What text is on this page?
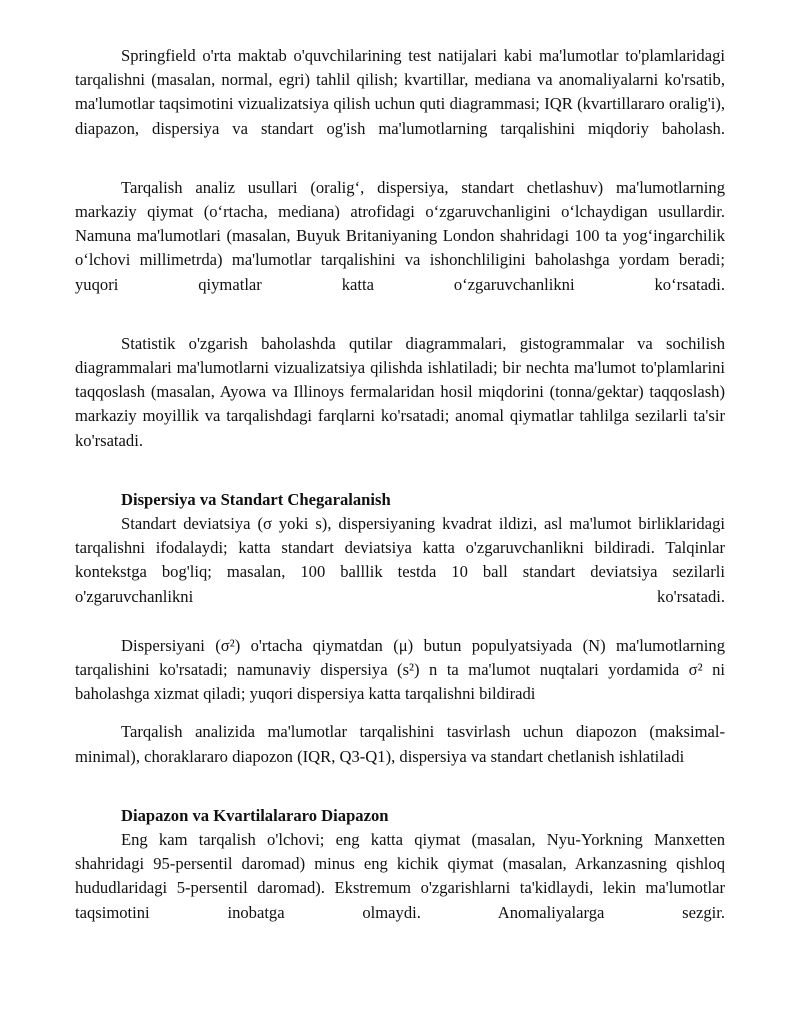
Springfield o'rta maktab o'quvchilarining test natijalari kabi ma'lumotlar to'plamlaridagi tarqalishni (masalan, normal, egri) tahlil qilish; kvartillar, mediana va anomaliyalarni ko'rsatib, ma'lumotlar taqsimotini vizualizatsiya qilish uchun quti diagrammasi; IQR (kvartillararo oralig'i), diapazon, dispersiya va standart og'ish ma'lumotlarning tarqalishini miqdoriy baholash.

Tarqalish analiz usullari (oralig‘, dispersiya, standart chetlashuv) ma'lumotlarning markaziy qiymat (o‘rtacha, mediana) atrofidagi o‘zgaruvchanligini o‘lchaydigan usullardir. Namuna ma'lumotlari (masalan, Buyuk Britaniyaning London shahridagi 100 ta yog‘ingarchilik o‘lchovi millimetrda) ma'lumotlar tarqalishini va ishonchliligini baholashga yordam beradi; yuqori qiymatlar katta o‘zgaruvchanlikni ko‘rsatadi.

Statistik o'zgarish baholashda qutilar diagrammalari, gistogrammalar va sochilish diagrammalari ma'lumotlarni vizualizatsiya qilishda ishlatiladi; bir nechta ma'lumot to'plamlarini taqqoslash (masalan, Ayowa va Illinoys fermalaridan hosil miqdorini (tonna/gektar) taqqoslash) markaziy moyillik va tarqalishdagi farqlarni ko'rsatadi; anomal qiymatlar tahlilga sezilarli ta'sir ko'rsatadi.

Dispersiya va Standart Chegaralanish

Standart deviatsiya (σ yoki s), dispersiyaning kvadrat ildizi, asl ma'lumot birliklaridagi tarqalishni ifodalaydi; katta standart deviatsiya katta o'zgaruvchanlikni bildiradi. Talqinlar kontekstga bog'liq; masalan, 100 balllik testda 10 ball standart deviatsiya sezilarli o'zgaruvchanlikni ko'rsatadi.

Dispersiyani (σ²) o'rtacha qiymatdan (μ) butun populyatsiyada (N) ma'lumotlarning tarqalishini ko'rsatadi; namunaviy dispersiya (s²) n ta ma'lumot nuqtalari yordamida σ² ni baholashga xizmat qiladi; yuqori dispersiya katta tarqalishni bildiradi

Tarqalish analizida ma'lumotlar tarqalishini tasvirlash uchun diapozon (maksimal-minimal), choraklararo diapozon (IQR, Q3-Q1), dispersiya va standart chetlanish ishlatiladi

Diapazon va Kvartilalararo Diapazon

Eng kam tarqalish o'lchovi; eng katta qiymat (masalan, Nyu-Yorkning Manxetten shahridagi 95-persentil daromad) minus eng kichik qiymat (masalan, Arkanzasning qishloq hududlaridagi 5-persentil daromad). Ekstremum o'zgarishlarni ta'kidlaydi, lekin ma'lumotlar taqsimotini inobatga olmaydi. Anomaliyalarga sezgir.
